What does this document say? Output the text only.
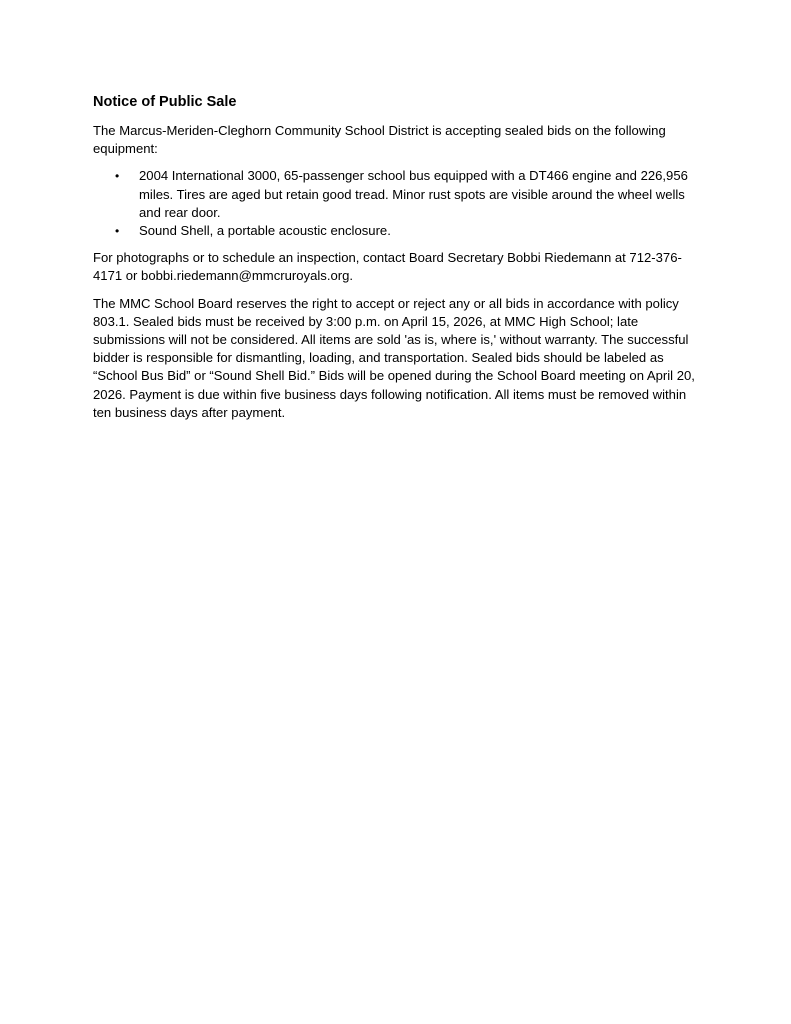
Notice of Public Sale

The Marcus-Meriden-Cleghorn Community School District is accepting sealed bids on the following equipment:

• 2004 International 3000, 65-passenger school bus equipped with a DT466 engine and 226,956 miles. Tires are aged but retain good tread. Minor rust spots are visible around the wheel wells and rear door.
• Sound Shell, a portable acoustic enclosure.

For photographs or to schedule an inspection, contact Board Secretary Bobbi Riedemann at 712-376-4171 or bobbi.riedemann@mmcruroyals.org.

The MMC School Board reserves the right to accept or reject any or all bids in accordance with policy 803.1. Sealed bids must be received by 3:00 p.m. on April 15, 2026, at MMC High School; late submissions will not be considered. All items are sold 'as is, where is,' without warranty. The successful bidder is responsible for dismantling, loading, and transportation. Sealed bids should be labeled as “School Bus Bid” or “Sound Shell Bid.” Bids will be opened during the School Board meeting on April 20, 2026. Payment is due within five business days following notification. All items must be removed within ten business days after payment.
